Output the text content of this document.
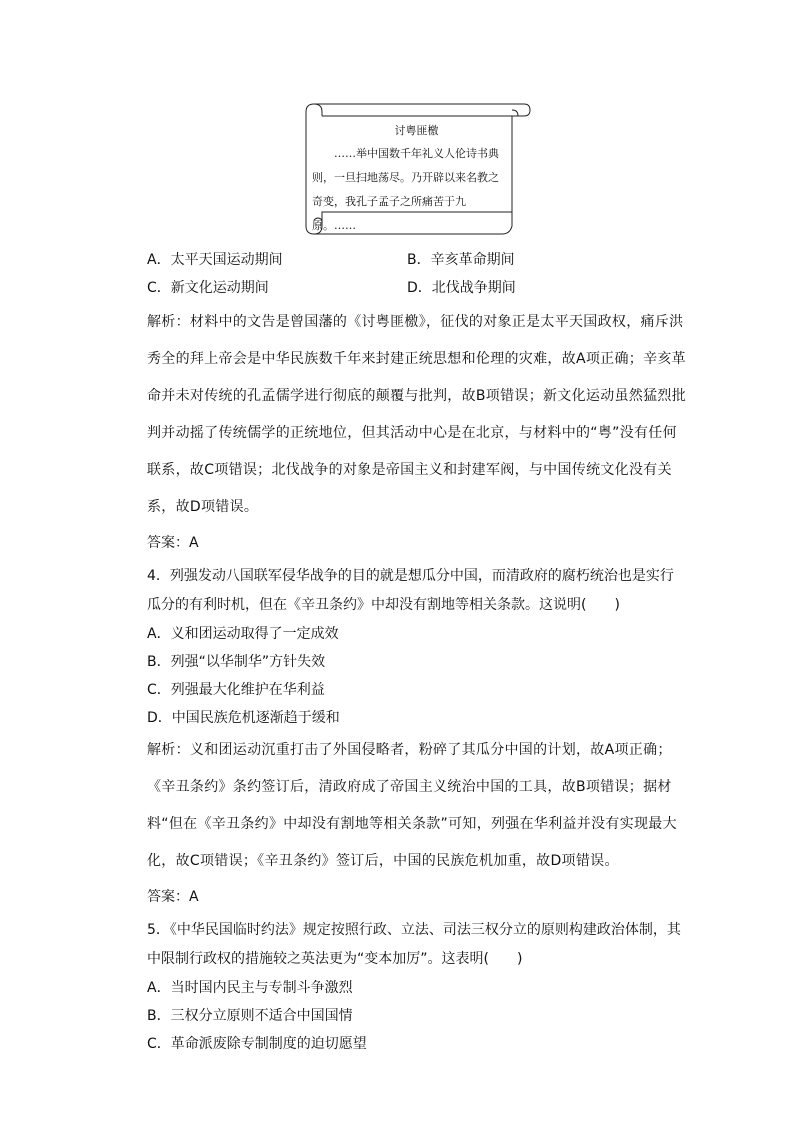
讨粤匪檄
……举中国数千年礼义人伦诗书典则，一旦扫地荡尽。乃开辟以来名教之奇变，我孔子孟子之所痛苦于九原。……
A．太平天国运动期间	B．辛亥革命期间
C．新文化运动期间	D．北伐战争期间

解析：材料中的文告是曾国藩的《讨粤匪檄》，征伐的对象正是太平天国政权，痛斥洪秀全的拜上帝会是中华民族数千年来封建正统思想和伦理的灾难，故A项正确；辛亥革命并未对传统的孔孟儒学进行彻底的颠覆与批判，故B项错误；新文化运动虽然猛烈批判并动摇了传统儒学的正统地位，但其活动中心是在北京，与材料中的“粤”没有任何联系，故C项错误；北伐战争的对象是帝国主义和封建军阀，与中国传统文化没有关系，故D项错误。

答案：A

4．列强发动八国联军侵华战争的目的就是想瓜分中国，而清政府的腐朽统治也是实行瓜分的有利时机，但在《辛丑条约》中却没有割地等相关条款。这说明(　　)

A．义和团运动取得了一定成效
B．列强“以华制华”方针失效
C．列强最大化维护在华利益
D．中国民族危机逐渐趋于缓和

解析：义和团运动沉重打击了外国侵略者，粉碎了其瓜分中国的计划，故A项正确；《辛丑条约》条约签订后，清政府成了帝国主义统治中国的工具，故B项错误；据材料“但在《辛丑条约》中却没有割地等相关条款”可知，列强在华利益并没有实现最大化，故C项错误；《辛丑条约》签订后，中国的民族危机加重，故D项错误。

答案：A

5．《中华民国临时约法》规定按照行政、立法、司法三权分立的原则构建政治体制，其中限制行政权的措施较之英法更为“变本加厉”。这表明(　　)

A．当时国内民主与专制斗争激烈
B．三权分立原则不适合中国国情
C．革命派废除专制制度的迫切愿望
